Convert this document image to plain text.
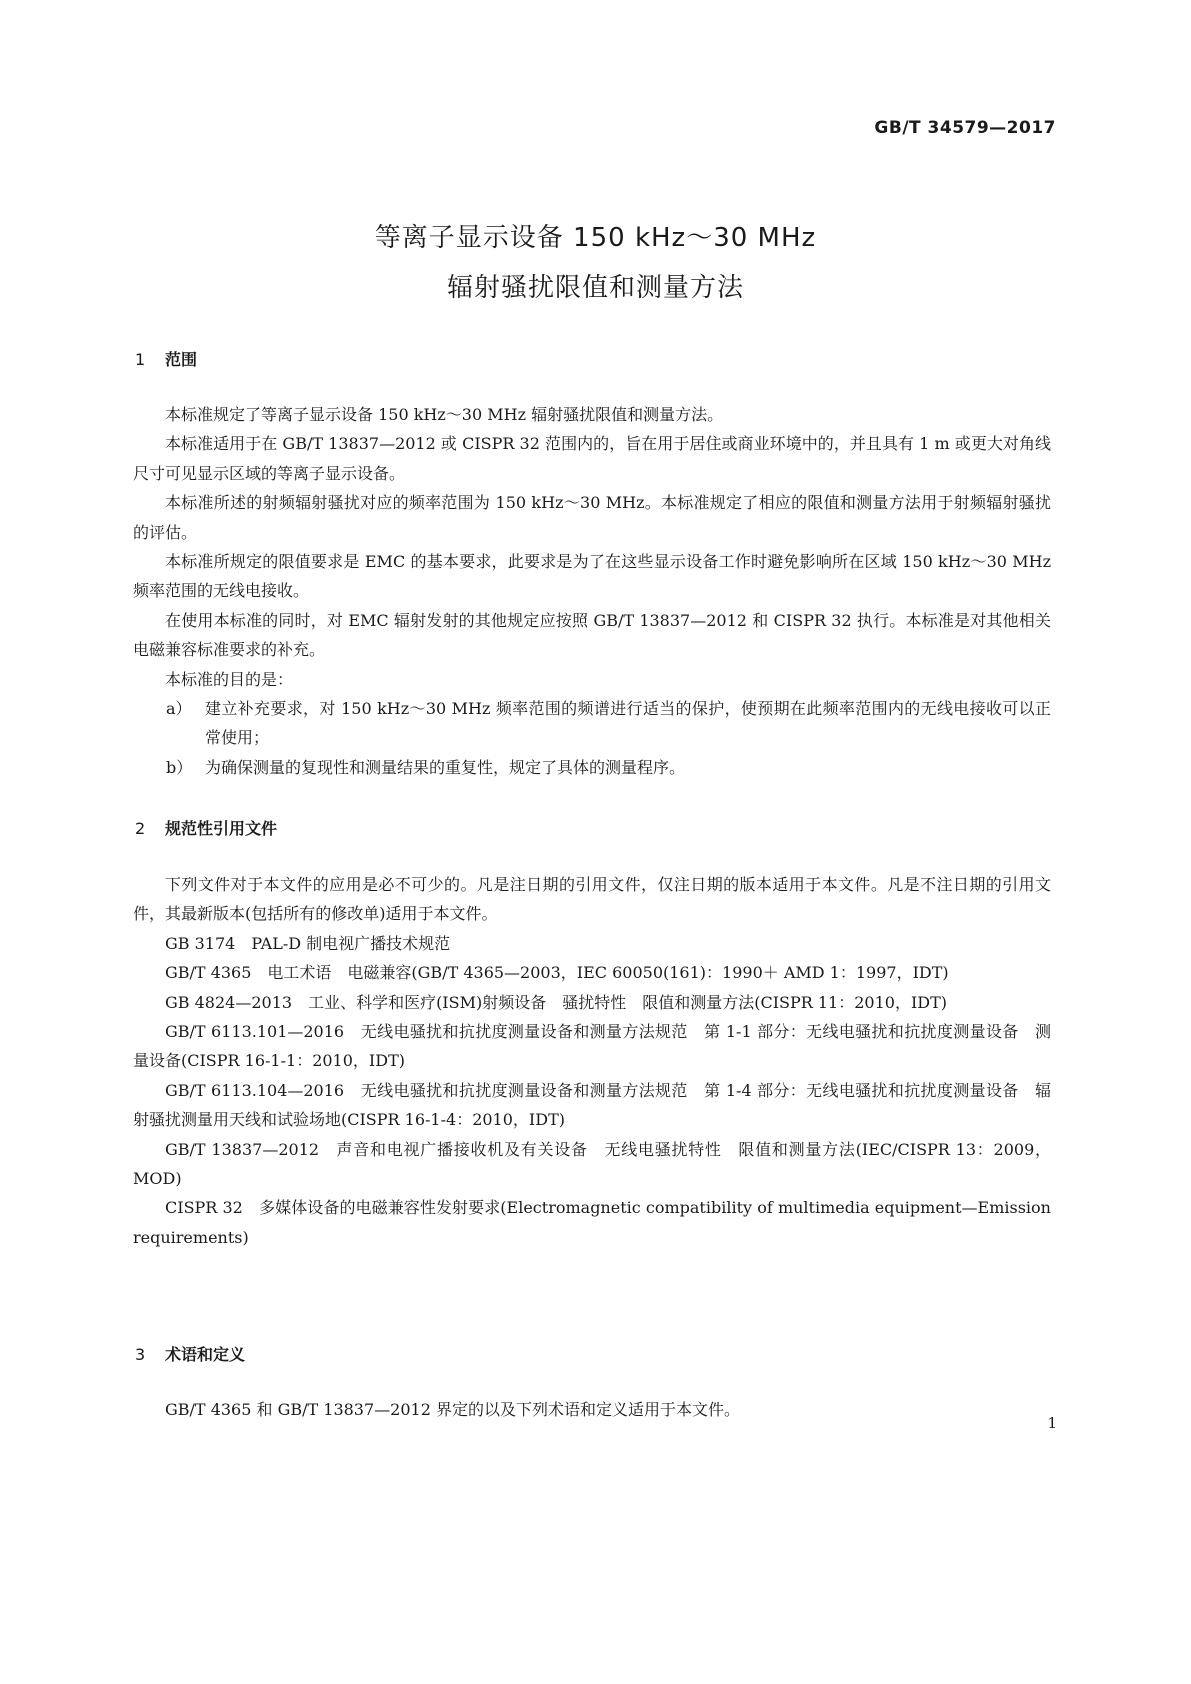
GB/T 34579—2017
等离子显示设备 150 kHz～30 MHz
辐射骚扰限值和测量方法
1 范围

本标准规定了等离子显示设备 150 kHz～30 MHz 辐射骚扰限值和测量方法。

本标准适用于在 GB/T 13837—2012 或 CISPR 32 范围内的，旨在用于居住或商业环境中的，并且具有 1 m 或更大对角线尺寸可见显示区域的等离子显示设备。

本标准所述的射频辐射骚扰对应的频率范围为 150 kHz～30 MHz。本标准规定了相应的限值和测量方法用于射频辐射骚扰的评估。

本标准所规定的限值要求是 EMC 的基本要求，此要求是为了在这些显示设备工作时避免影响所在区域 150 kHz～30 MHz 频率范围的无线电接收。

在使用本标准的同时，对 EMC 辐射发射的其他规定应按照 GB/T 13837—2012 和 CISPR 32 执行。本标准是对其他相关电磁兼容标准要求的补充。

本标准的目的是：

a） 建立补充要求，对 150 kHz～30 MHz 频率范围的频谱进行适当的保护，使预期在此频率范围内的无线电接收可以正常使用；

b） 为确保测量的复现性和测量结果的重复性，规定了具体的测量程序。

2 规范性引用文件

下列文件对于本文件的应用是必不可少的。凡是注日期的引用文件，仅注日期的版本适用于本文件。凡是不注日期的引用文件，其最新版本(包括所有的修改单)适用于本文件。

GB 3174　PAL-D 制电视广播技术规范

GB/T 4365　电工术语　电磁兼容(GB/T 4365—2003，IEC 60050(161)：1990＋ AMD 1：1997，IDT)

GB 4824—2013　工业、科学和医疗(ISM)射频设备　骚扰特性　限值和测量方法(CISPR 11：2010，IDT)

GB/T 6113.101—2016　无线电骚扰和抗扰度测量设备和测量方法规范　第 1-1 部分：无线电骚扰和抗扰度测量设备　测量设备(CISPR 16-1-1：2010，IDT)

GB/T 6113.104—2016　无线电骚扰和抗扰度测量设备和测量方法规范　第 1-4 部分：无线电骚扰和抗扰度测量设备　辐射骚扰测量用天线和试验场地(CISPR 16-1-4：2010，IDT)

GB/T 13837—2012　声音和电视广播接收机及有关设备　无线电骚扰特性　限值和测量方法(IEC/CISPR 13：2009，MOD)

CISPR 32　多媒体设备的电磁兼容性发射要求(Electromagnetic compatibility of multimedia equipment—Emission requirements)

3 术语和定义

GB/T 4365 和 GB/T 13837—2012 界定的以及下列术语和定义适用于本文件。

1
